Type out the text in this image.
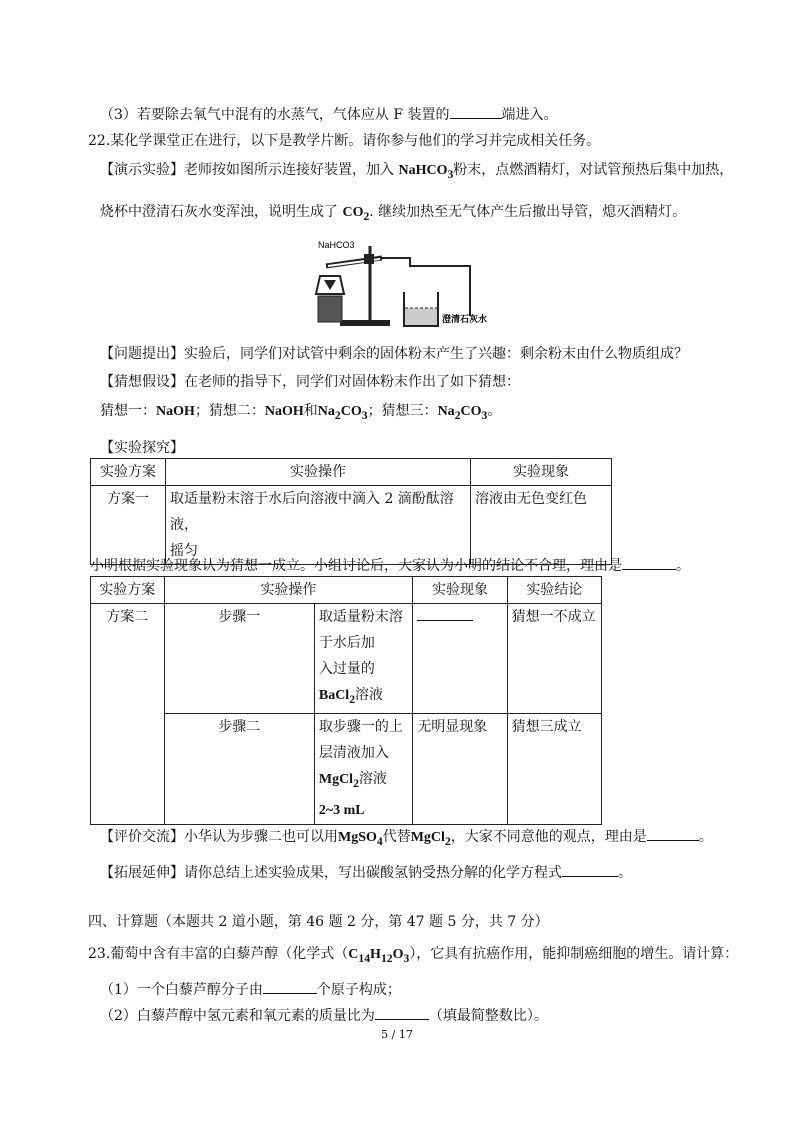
（3）若要除去氧气中混有的水蒸气，气体应从 F 装置的	端进入。
22.某化学课堂正在进行，以下是教学片断。请你参与他们的学习并完成相关任务。
【演示实验】老师按如图所示连接好装置，加入 NaHCO$_3$粉末，点燃酒精灯，对试管预热后集中加热，
烧杯中澄清石灰水变浑浊，说明生成了 $CO_2$. 继续加热至无气体产生后撤出导管，熄灭酒精灯。
NaHCO3
澄清石灰水
【问题提出】实验后，同学们对试管中剩余的固体粉末产生了兴趣：剩余粉末由什么物质组成？
【猜想假设】在老师的指导下，同学们对固体粉末作出了如下猜想：
猜想一：NaOH；猜想二：NaOH和$Na_2CO_3$；猜想三：$Na_2CO_3$。
【实验探究】
实验方案	实验操作	实验现象
方案一	取适量粉末溶于水后向溶液中滴入 2 滴酚酞溶液，
摇匀	溶液由无色变红色
小明根据实验现象认为猜想一成立。小组讨论后，大家认为小明的结论不合理，理由是	。
实验方案	实验操作		实验现象	实验结论
方案二	步骤一	取适量粉末溶
于水后加
入过量的
BaCl$_2$溶液		猜想一不成立
	步骤二	取步骤一的上
层清液加入
MgCl$_2$溶液
2~3 mL	无明显现象	猜想三成立
【评价交流】小华认为步骤二也可以用MgSO$_4$代替MgCl$_2$，大家不同意他的观点，理由是	。
【拓展延伸】请你总结上述实验成果，写出碳酸氢钠受热分解的化学方程式	。
四、计算题（本题共 2 道小题，第 46 题 2 分，第 47 题 5 分，共 7 分）
23.葡萄中含有丰富的白藜芦醇（化学式$(C_{14}H_{12}O_3)$，它具有抗癌作用，能抑制癌细胞的增生。请计算：
（1）一个白藜芦醇分子由	个原子构成；
（2）白藜芦醇中氢元素和氧元素的质量比为	（填最简整数比）。
5 / 17
